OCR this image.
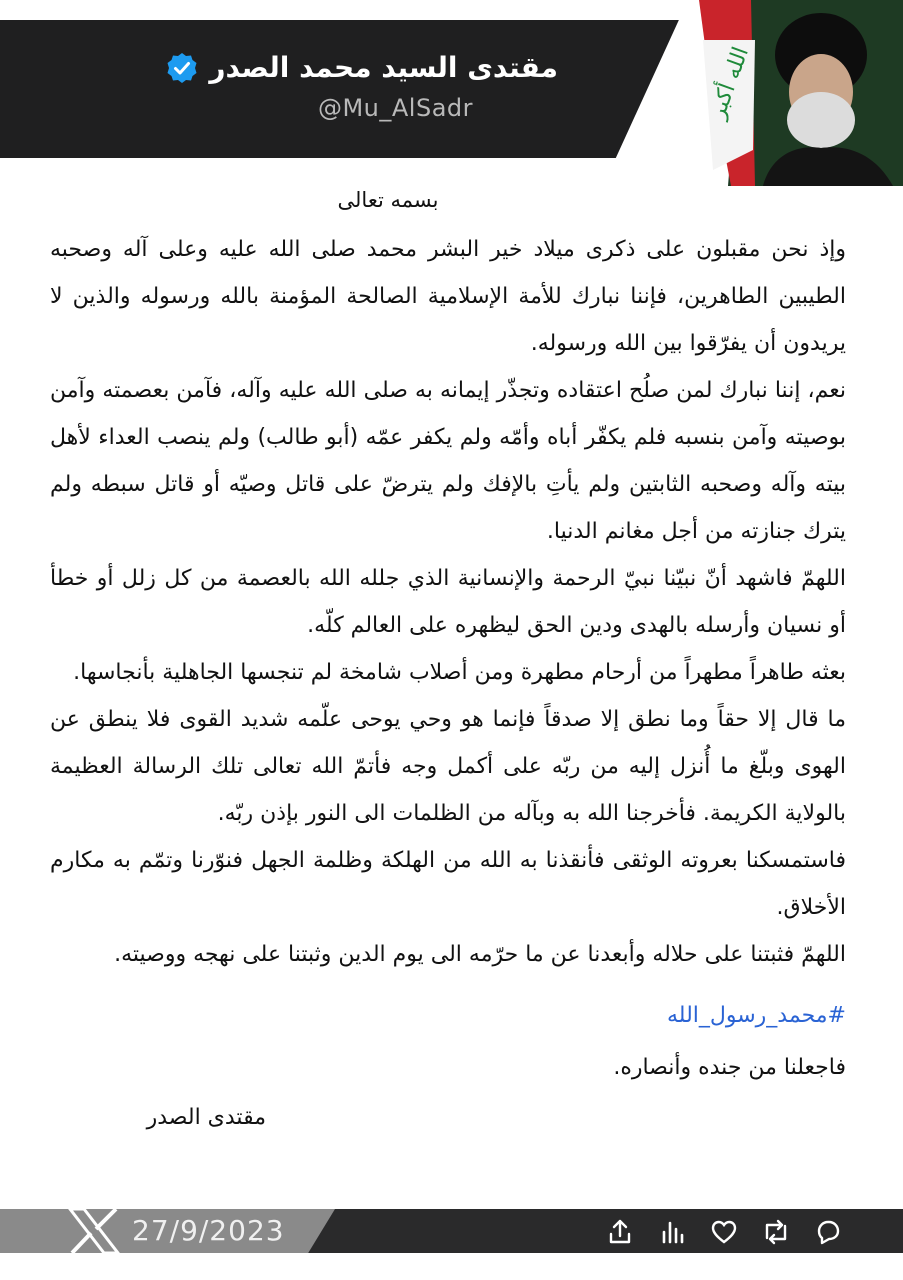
الله أكبر
مقتدى السيد محمد الصدر
@Mu_AlSadr
بسمه تعالى

وإذ نحن مقبلون على ذكرى ميلاد خير البشر محمد صلى الله عليه وعلى آله وصحبه الطيبين الطاهرين، فإننا نبارك للأمة الإسلامية الصالحة المؤمنة بالله ورسوله والذين لا يريدون أن يفرّقوا بين الله ورسوله.

نعم، إننا نبارك لمن صلُح اعتقاده وتجذّر إيمانه به صلى الله عليه وآله، فآمن بعصمته وآمن بوصيته وآمن بنسبه فلم يكفّر أباه وأمّه ولم يكفر عمّه (أبو طالب) ولم ينصب العداء لأهل بيته وآله وصحبه الثابتين ولم يأتِ بالإفك ولم يترضّ على قاتل وصيّه أو قاتل سبطه ولم يترك جنازته من أجل مغانم الدنيا.

اللهمّ فاشهد أنّ نبيّنا نبيّ الرحمة والإنسانية الذي جلله الله بالعصمة من كل زلل أو خطأ أو نسيان وأرسله بالهدى ودين الحق ليظهره على العالم كلّه.

بعثه طاهراً مطهراً من أرحام مطهرة ومن أصلاب شامخة لم تنجسها الجاهلية بأنجاسها.

ما قال إلا حقاً وما نطق إلا صدقاً فإنما هو وحي يوحى علّمه شديد القوى فلا ينطق عن الهوى وبلّغ ما أُنزل إليه من ربّه على أكمل وجه فأتمّ الله تعالى تلك الرسالة العظيمة بالولاية الكريمة. فأخرجنا الله به وبآله من الظلمات الى النور بإذن ربّه.

فاستمسكنا بعروته الوثقى فأنقذنا به الله من الهلكة وظلمة الجهل فنوّرنا وتمّم به مكارم الأخلاق.

اللهمّ فثبتنا على حلاله وأبعدنا عن ما حرّمه الى يوم الدين وثبتنا على نهجه ووصيته.

#محمد_رسول_الله
فاجعلنا من جنده وأنصاره.
مقتدى الصدر
27/9/2023
